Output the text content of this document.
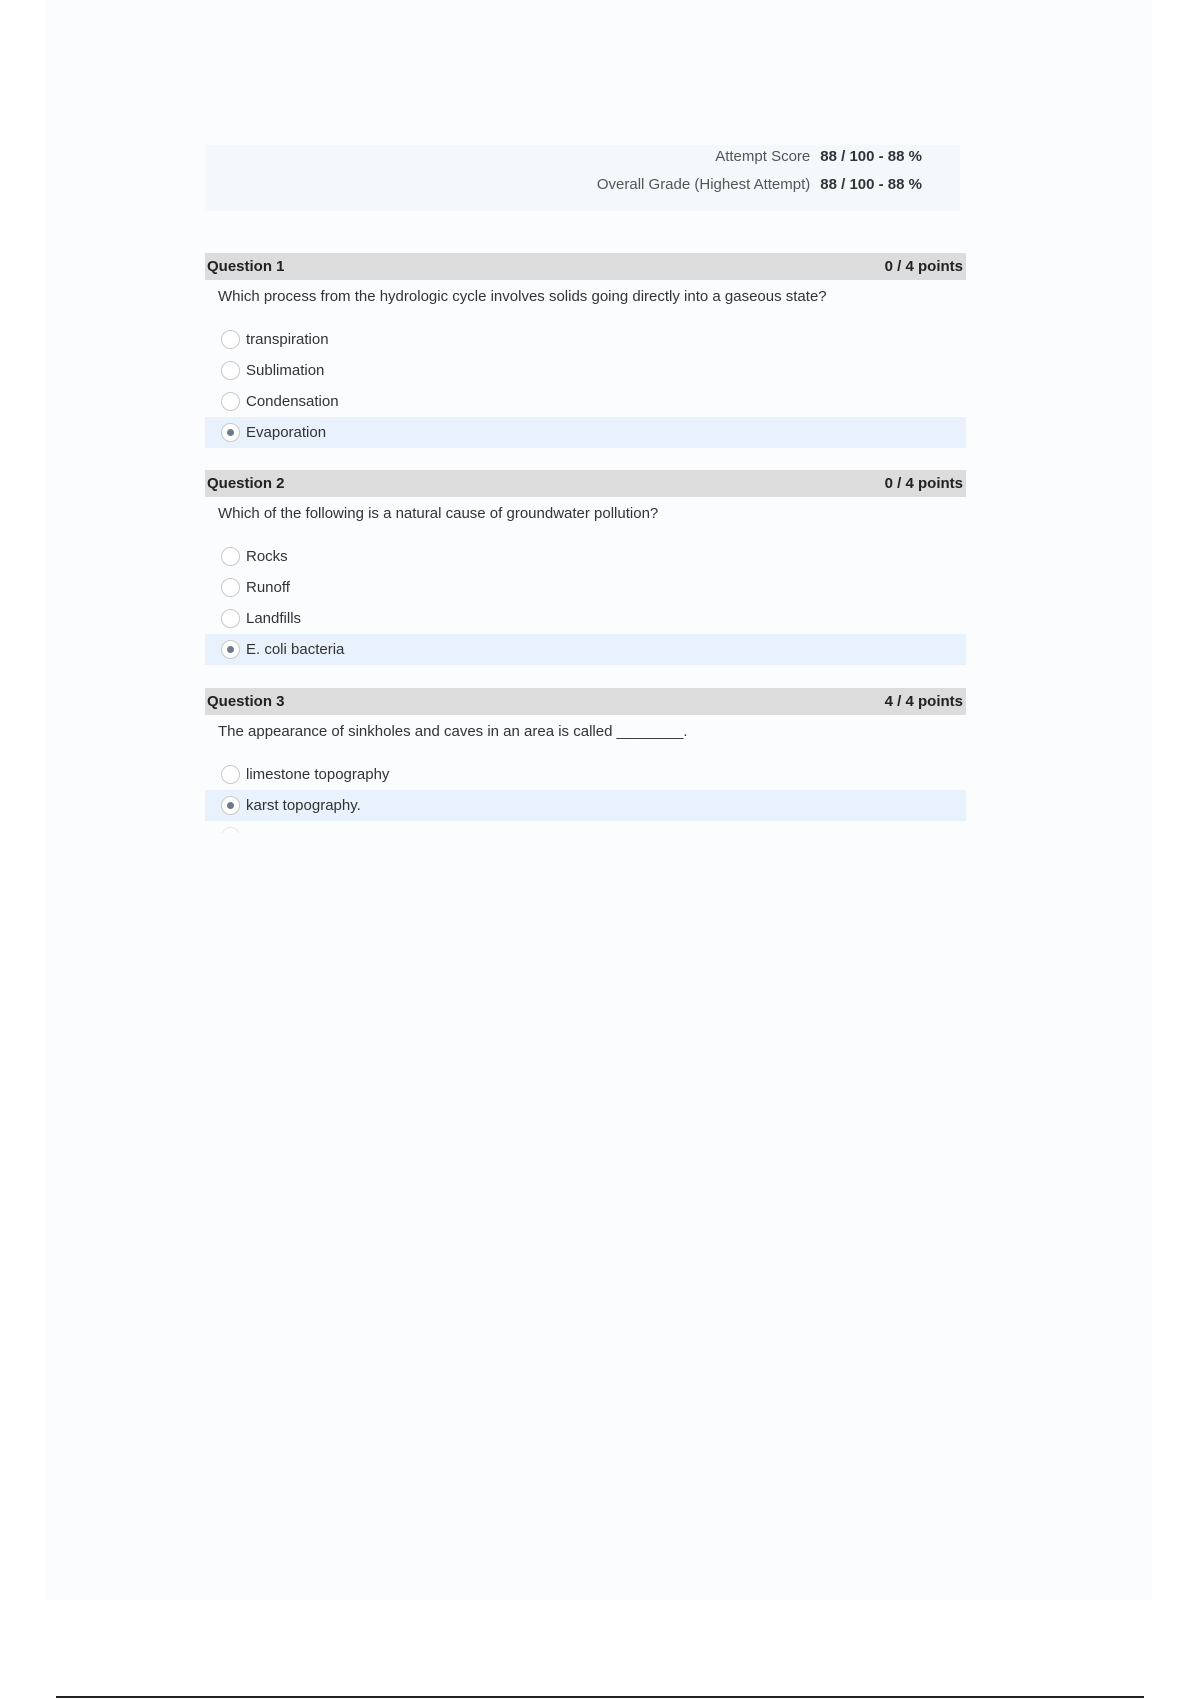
Attempt Score 88 / 100 - 88 %
Overall Grade (Highest Attempt) 88 / 100 - 88 %
Question 1	0 / 4 points
Which process from the hydrologic cycle involves solids going directly into a gaseous state?
transpiration
Sublimation
Condensation
Evaporation
Question 2	0 / 4 points
Which of the following is a natural cause of groundwater pollution?
Rocks
Runoff
Landfills
E. coli bacteria
Question 3	4 / 4 points
The appearance of sinkholes and caves in an area is called ________.
limestone topography
karst topography.
